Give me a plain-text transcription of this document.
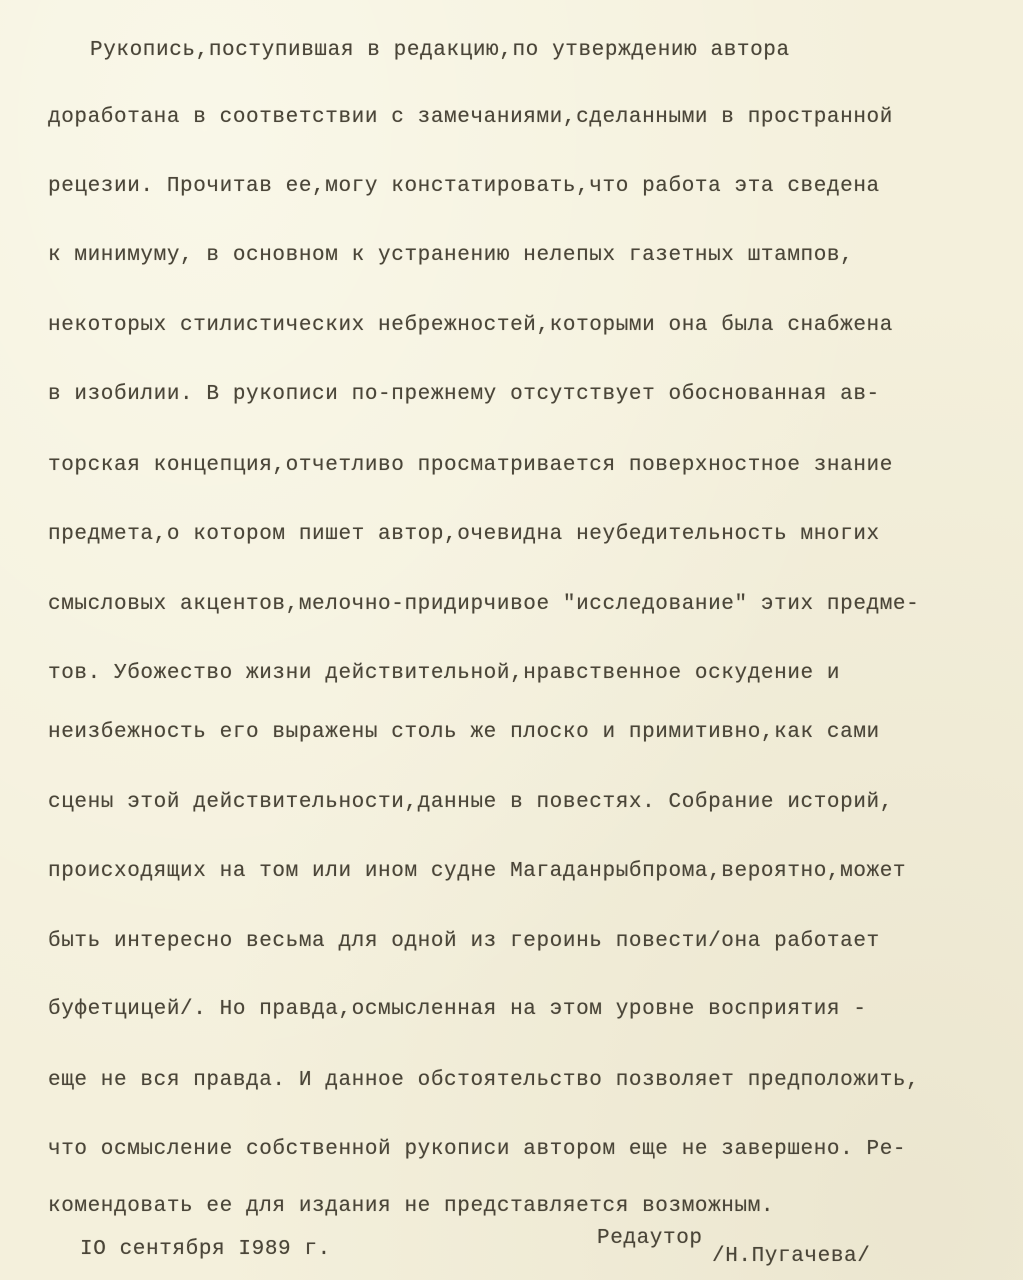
Рукопись,поступившая в редакцию,по утверждению автора
доработана в соответствии с замечаниями,сделанными в пространной
рецезии. Прочитав ее,могу констатировать,что работа эта сведена
к минимуму, в основном к устранению нелепых газетных штампов,
некоторых стилистических небрежностей,которыми она была снабжена
в изобилии. В рукописи по-прежнему отсутствует обоснованная ав-
торская концепция,отчетливо просматривается поверхностное знание
предмета,о котором пишет автор,очевидна неубедительность многих
смысловых акцентов,мелочно-придирчивое "исследование" этих предме-
тов. Убожество жизни действительной,нравственное оскудение и
неизбежность его выражены столь же плоско и примитивно,как сами
сцены этой действительности,данные в повестях. Собрание историй,
происходящих на том или ином судне Магаданрыбпрома,вероятно,может
быть интересно весьма для одной из героинь повести/она работает
буфетцицей/. Но правда,осмысленная на этом уровне восприятия -
еще не вся правда. И данное обстоятельство позволяет предположить,
что осмысление собственной рукописи автором еще не завершено. Ре-
комендовать ее для издания не представляется возможным.
IO сентября I989 г.	Редаутор
/Н.Пугачева/
